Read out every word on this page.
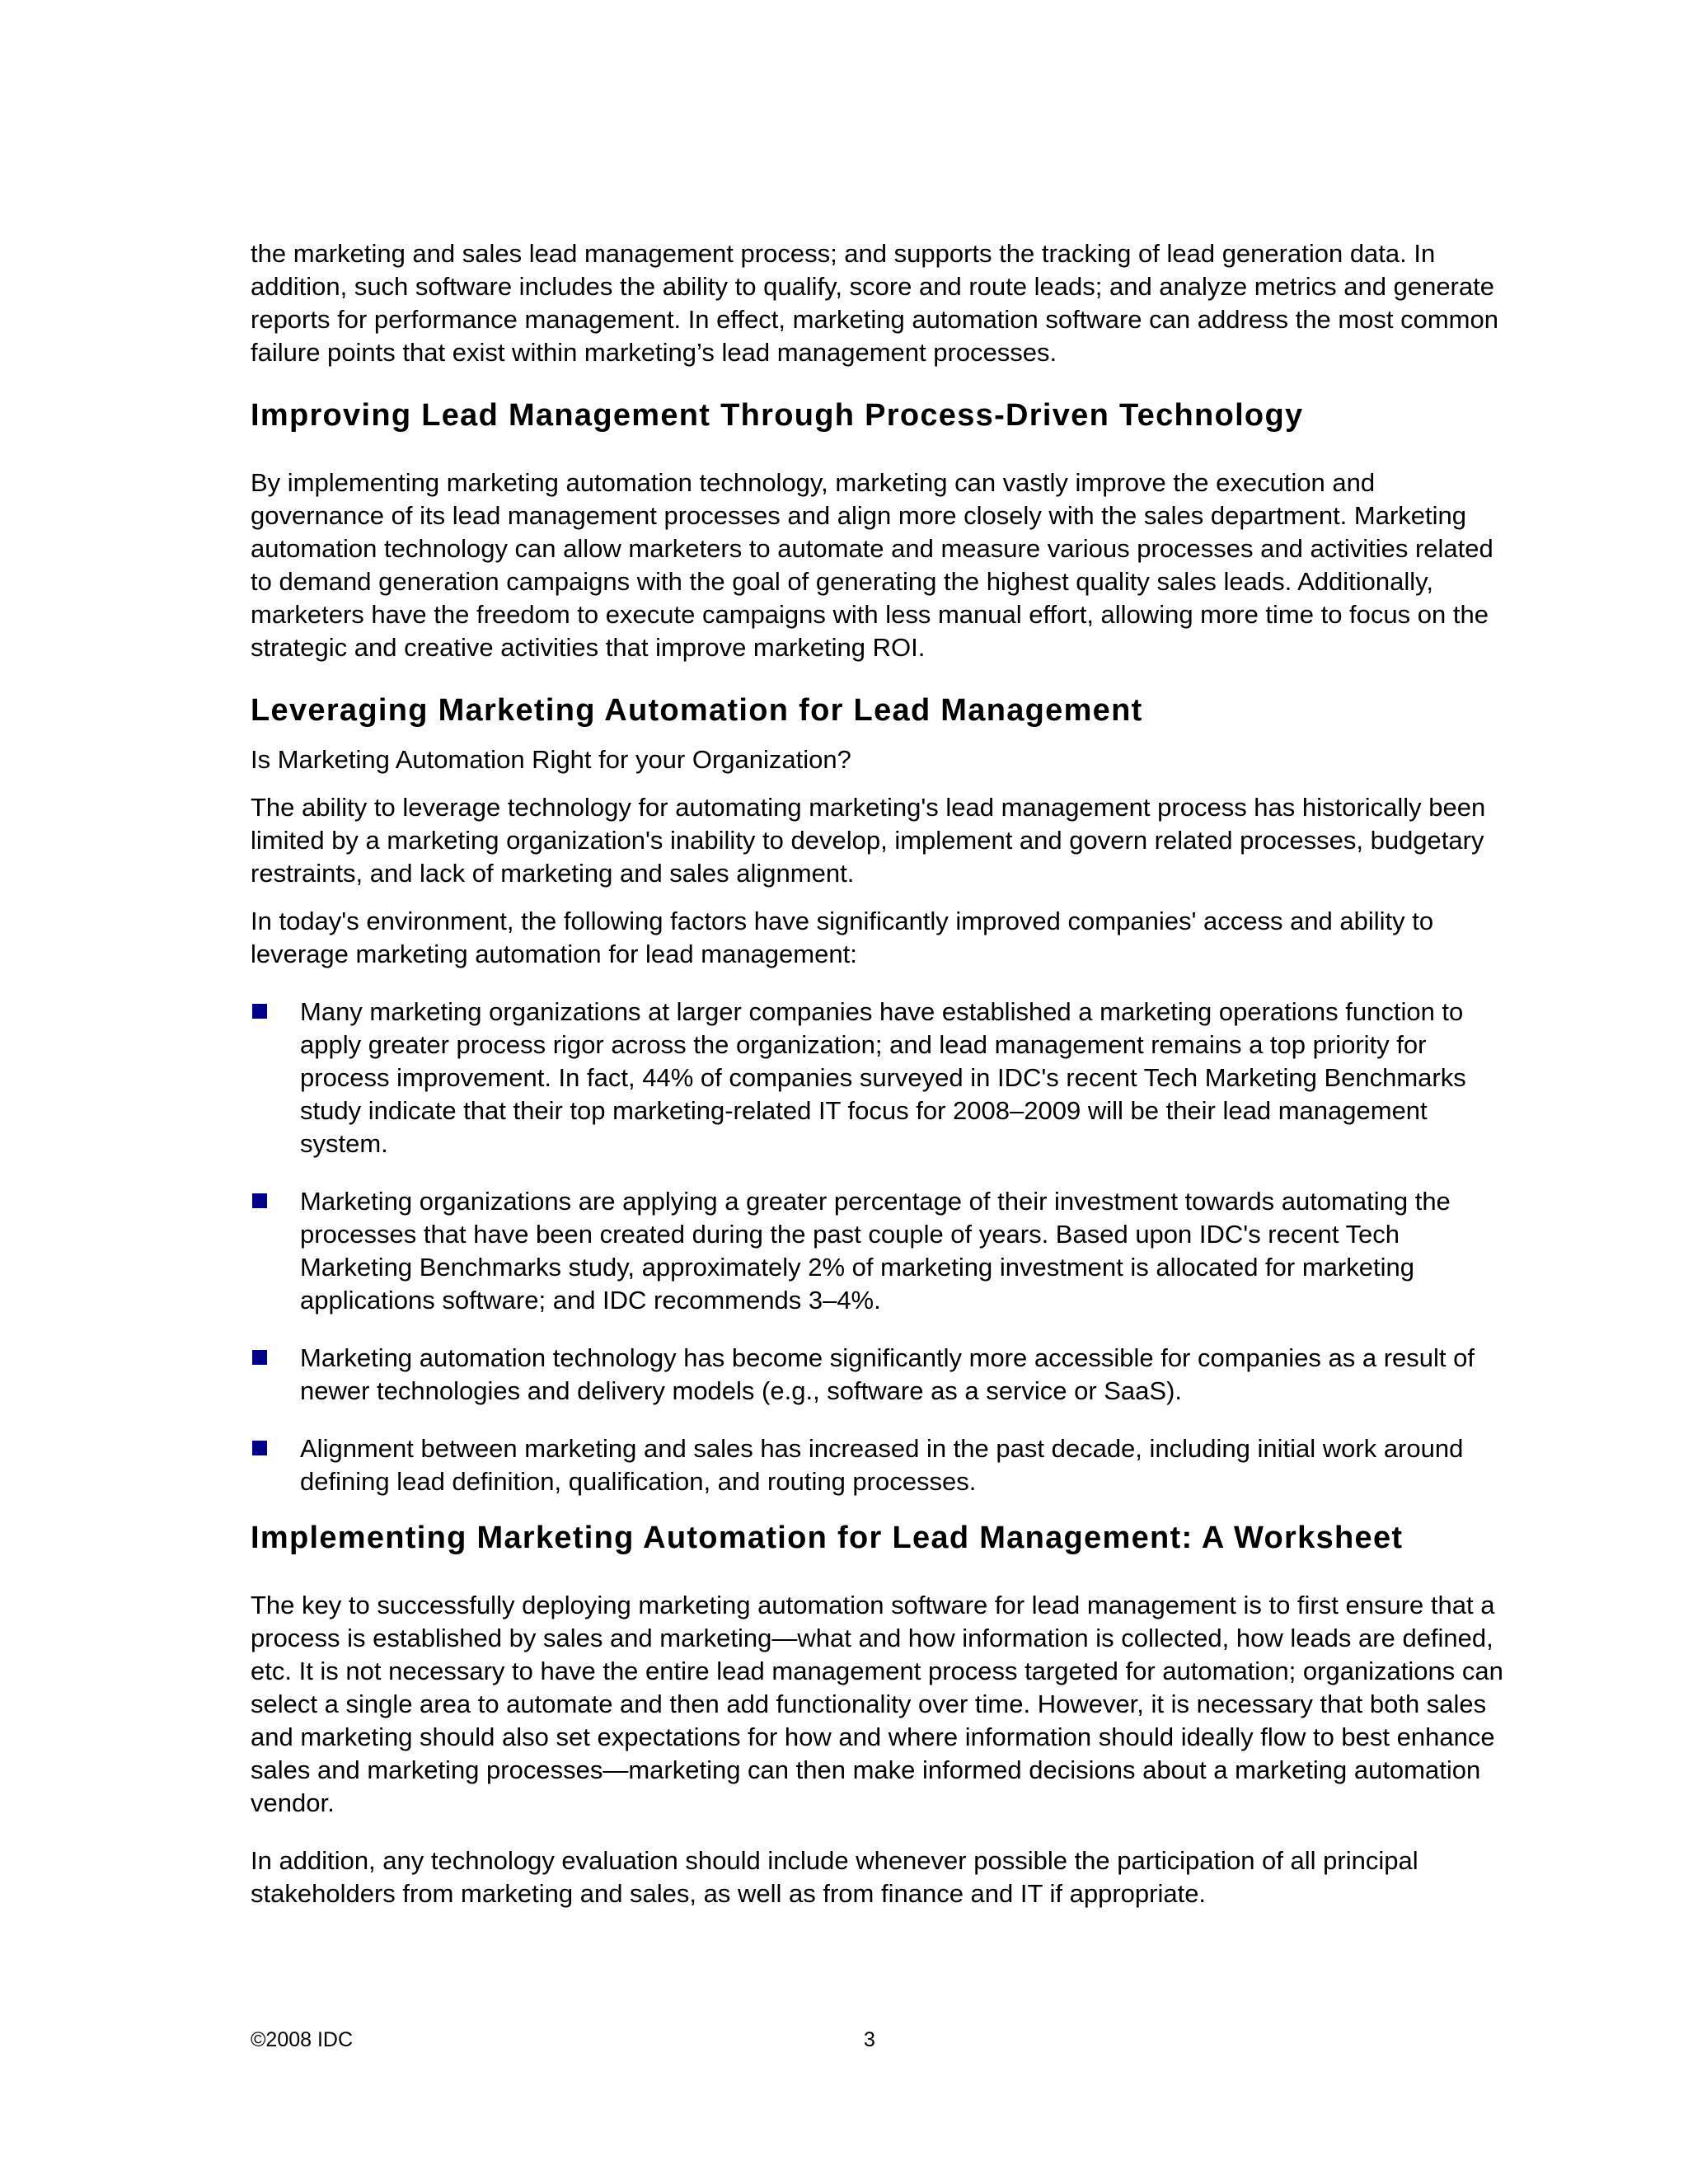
the marketing and sales lead management process; and supports the tracking of lead generation data. In addition, such software includes the ability to qualify, score and route leads; and analyze metrics and generate reports for performance management. In effect, marketing automation software can address the most common failure points that exist within marketing’s lead management processes.

Improving Lead Management Through Process-Driven Technology

By implementing marketing automation technology, marketing can vastly improve the execution and governance of its lead management processes and align more closely with the sales department. Marketing automation technology can allow marketers to automate and measure various processes and activities related to demand generation campaigns with the goal of generating the highest quality sales leads. Additionally, marketers have the freedom to execute campaigns with less manual effort, allowing more time to focus on the strategic and creative activities that improve marketing ROI.

Leveraging Marketing Automation for Lead Management

Is Marketing Automation Right for your Organization?

The ability to leverage technology for automating marketing's lead management process has historically been limited by a marketing organization's inability to develop, implement and govern related processes, budgetary restraints, and lack of marketing and sales alignment.

In today's environment, the following factors have significantly improved companies' access and ability to leverage marketing automation for lead management:

Many marketing organizations at larger companies have established a marketing operations function to apply greater process rigor across the organization; and lead management remains a top priority for process improvement. In fact, 44% of companies surveyed in IDC's recent Tech Marketing Benchmarks study indicate that their top marketing-related IT focus for 2008–2009 will be their lead management system.
Marketing organizations are applying a greater percentage of their investment towards automating the processes that have been created during the past couple of years. Based upon IDC's recent Tech Marketing Benchmarks study, approximately 2% of marketing investment is allocated for marketing applications software; and IDC recommends 3–4%.
Marketing automation technology has become significantly more accessible for companies as a result of newer technologies and delivery models (e.g., software as a service or SaaS).
Alignment between marketing and sales has increased in the past decade, including initial work around defining lead definition, qualification, and routing processes.
Implementing Marketing Automation for Lead Management: A Worksheet

The key to successfully deploying marketing automation software for lead management is to first ensure that a process is established by sales and marketing—what and how information is collected, how leads are defined, etc. It is not necessary to have the entire lead management process targeted for automation; organizations can select a single area to automate and then add functionality over time. However, it is necessary that both sales and marketing should also set expectations for how and where information should ideally flow to best enhance sales and marketing processes—marketing can then make informed decisions about a marketing automation vendor.

In addition, any technology evaluation should include whenever possible the participation of all principal stakeholders from marketing and sales, as well as from finance and IT if appropriate.

©2008 IDC	3
